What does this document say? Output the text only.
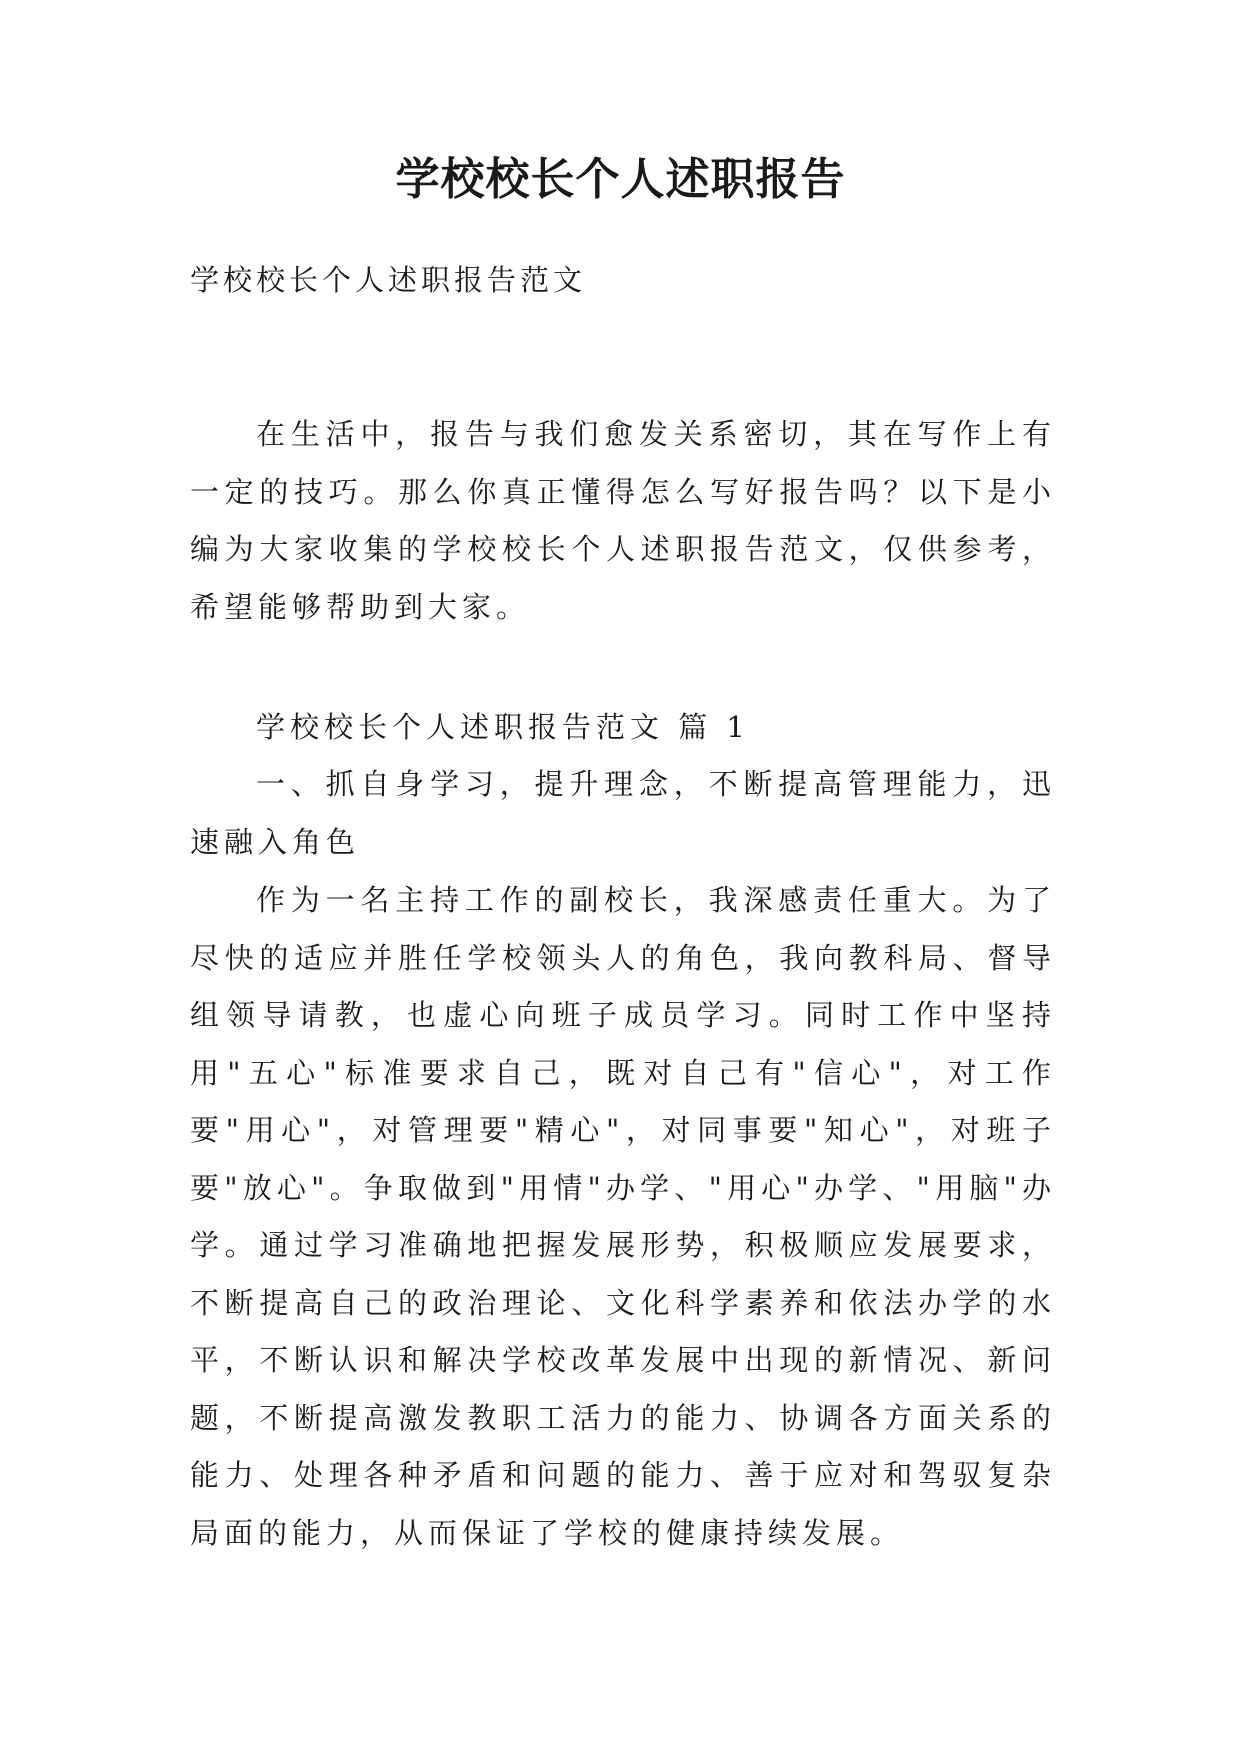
学校校长个人述职报告
学校校长个人述职报告范文

在生活中，报告与我们愈发关系密切，其在写作上有一定的技巧。那么你真正懂得怎么写好报告吗？以下是小编为大家收集的学校校长个人述职报告范文，仅供参考，希望能够帮助到大家。

学校校长个人述职报告范文 篇 1

一、抓自身学习，提升理念，不断提高管理能力，迅速融入角色

作为一名主持工作的副校长，我深感责任重大。为了尽快的适应并胜任学校领头人的角色，我向教科局、督导组领导请教，也虚心向班子成员学习。同时工作中坚持用"五心"标准要求自己，既对自己有"信心"，对工作要"用心"，对管理要"精心"，对同事要"知心"，对班子要"放心"。争取做到"用情"办学、"用心"办学、"用脑"办学。通过学习准确地把握发展形势，积极顺应发展要求，不断提高自己的政治理论、文化科学素养和依法办学的水平，不断认识和解决学校改革发展中出现的新情况、新问题，不断提高激发教职工活力的能力、协调各方面关系的能力、处理各种矛盾和问题的能力、善于应对和驾驭复杂局面的能力，从而保证了学校的健康持续发展。
